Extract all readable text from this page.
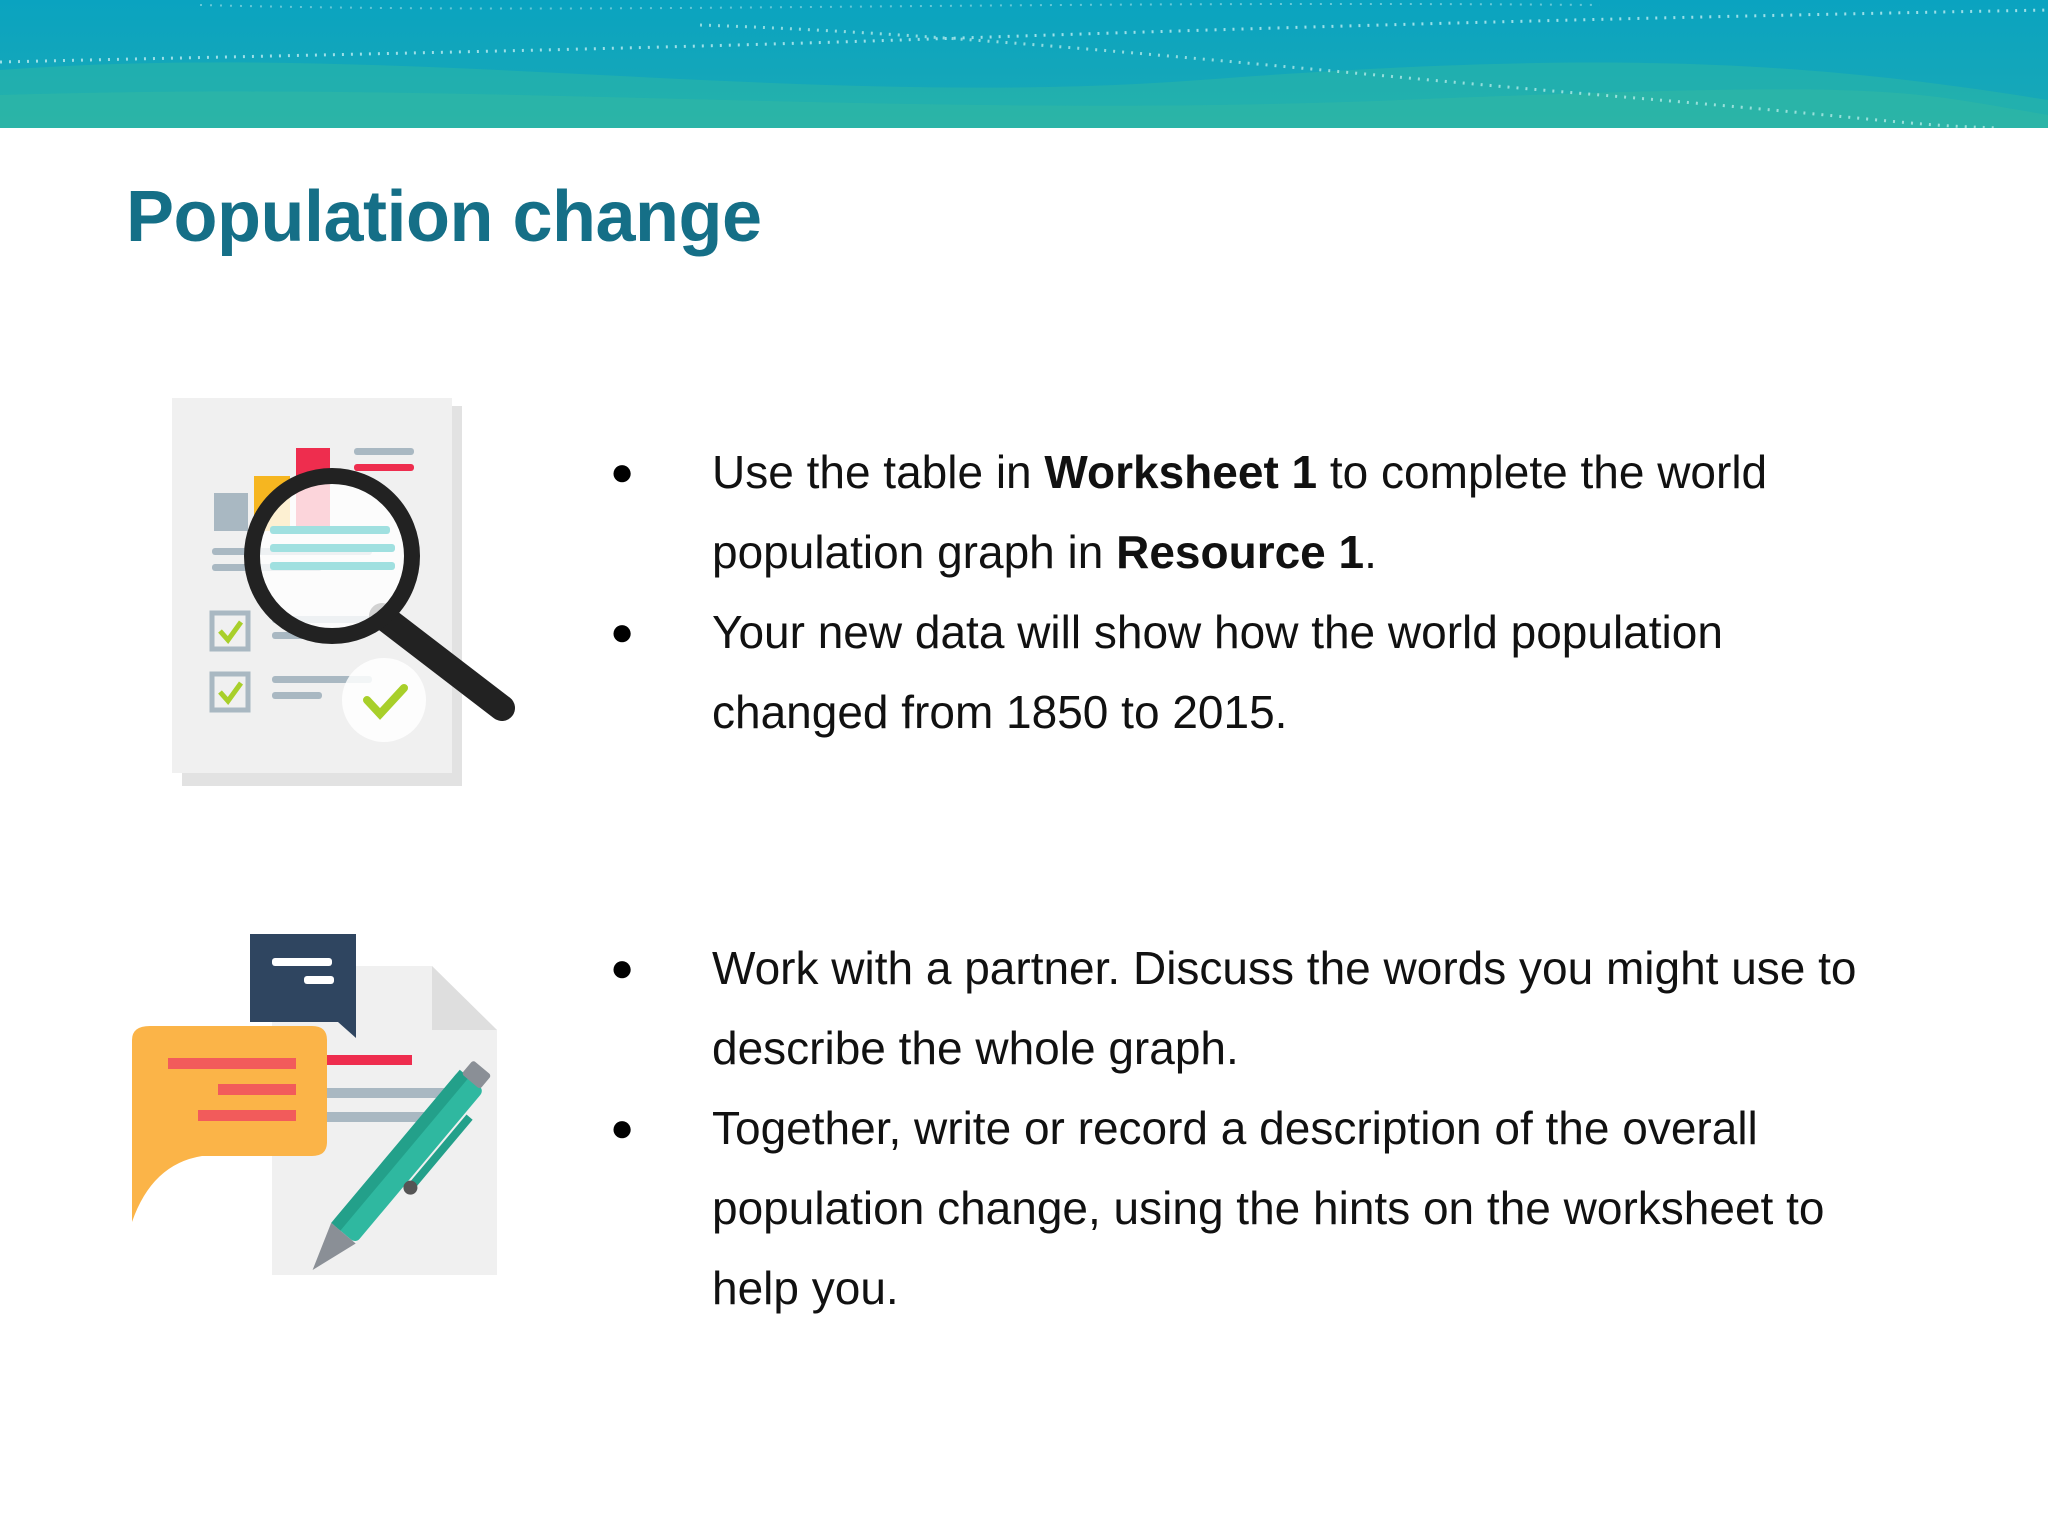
Population change
●	Use the table in Worksheet 1 to complete the world population graph in Resource 1.
●	Your new data will show how the world population changed from 1850 to 2015.
●	Work with a partner. Discuss the words you might use to describe the whole graph.
●	Together, write or record a description of the overall population change, using the hints on the worksheet to help you.
